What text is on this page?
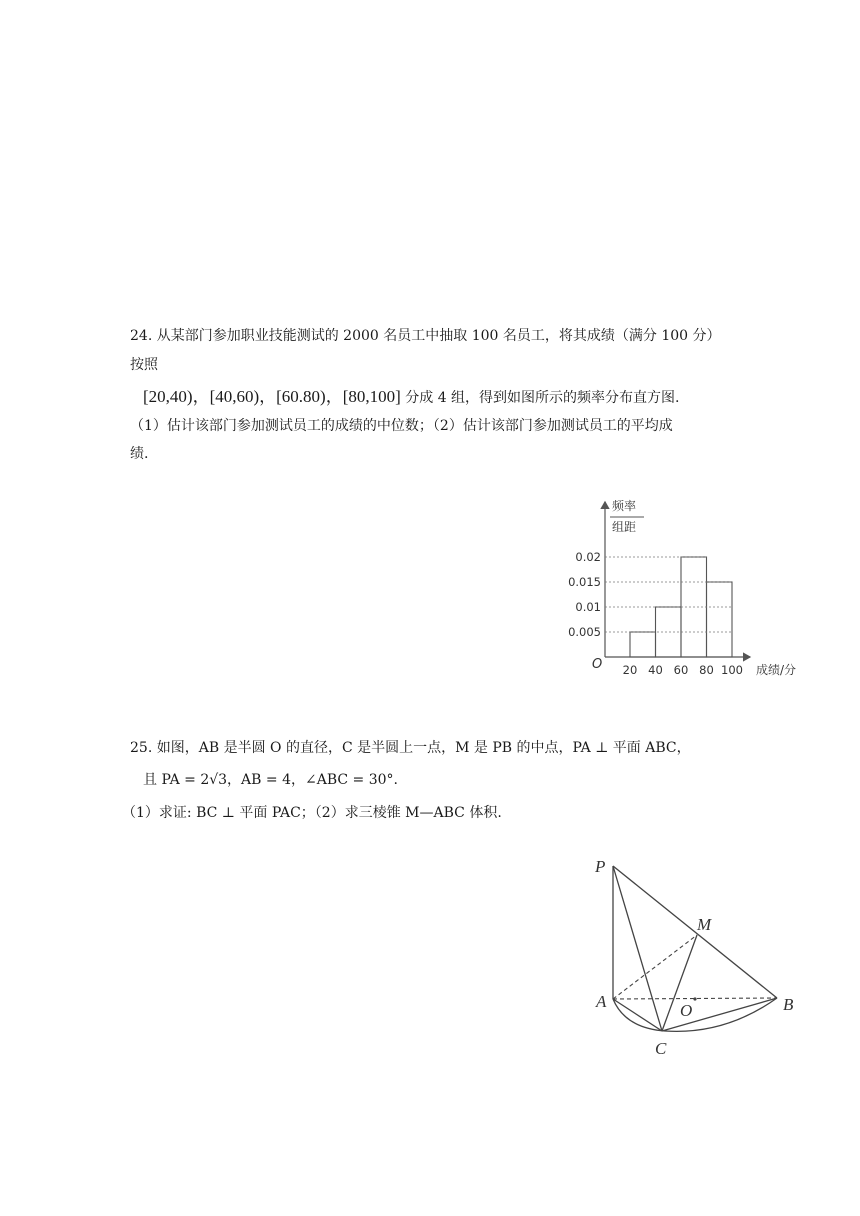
24. 从某部门参加职业技能测试的 2000 名员工中抽取 100 名员工，将其成绩（满分 100 分）
按照
[20,40)，[40,60)，[60.80)，[80,100] 分成 4 组，得到如图所示的频率分布直方图.
（1）估计该部门参加测试员工的成绩的中位数；（2）估计该部门参加测试员工的平均成
绩.
频率
组距
O	成绩/分
0.005
0.01
0.015
0.02
20 40 60 80 100
25. 如图，AB 是半圆 O 的直径，C 是半圆上一点，M 是 PB 的中点，PA ⊥ 平面 ABC，
且 PA = 2√3，AB = 4，∠ABC = 30°.
（1）求证: BC ⊥ 平面 PAC；（2）求三棱锥 M—ABC 体积.
P
M
A	O	B
C
